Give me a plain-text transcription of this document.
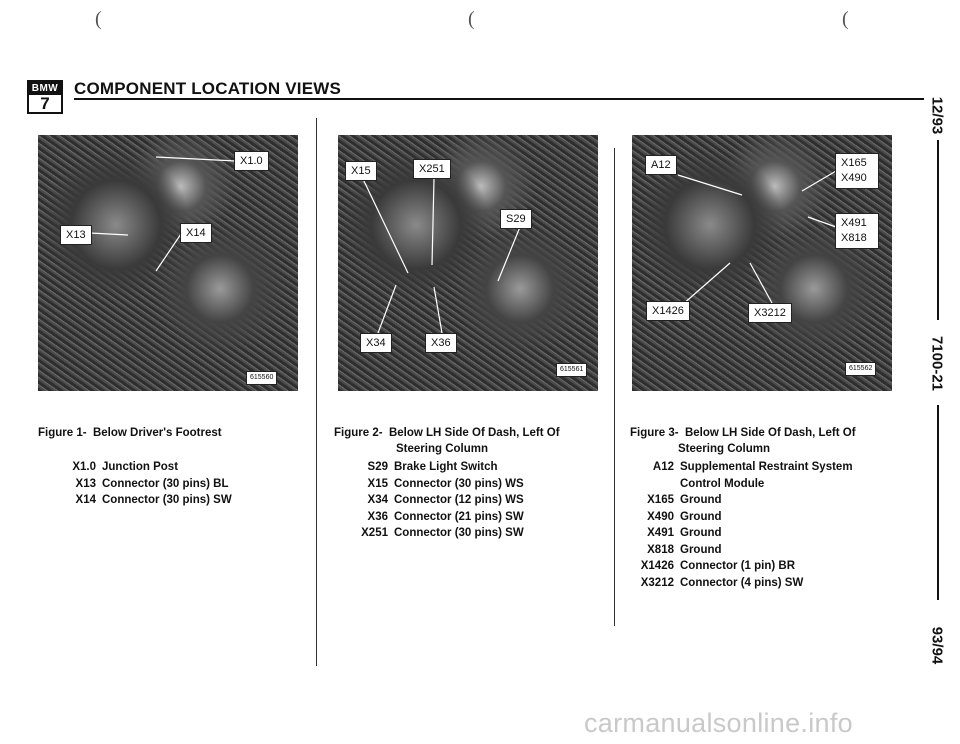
(	(	(
BMW
7
COMPONENT LOCATION VIEWS
X1.0
X13	X14
615560
X15	X251
S29
X34	X36
615561
A12	X165
X490
X491
X818
X1426	X3212
615562
Figure 1- Below Driver's Footrest
X1.0 Junction Post
X13 Connector (30 pins) BL
X14 Connector (30 pins) SW
Figure 2- Below LH Side Of Dash, Left Of
Steering Column
S29 Brake Light Switch
X15 Connector (30 pins) WS
X34 Connector (12 pins) WS
X36 Connector (21 pins) SW
X251 Connector (30 pins) SW
Figure 3- Below LH Side Of Dash, Left Of
Steering Column
A12 Supplemental Restraint System
Control Module
X165 Ground
X490 Ground
X491 Ground
X818 Ground
X1426 Connector (1 pin) BR
X3212 Connector (4 pins) SW
12/93
7100-21
93/94
carmanualsonline.info
